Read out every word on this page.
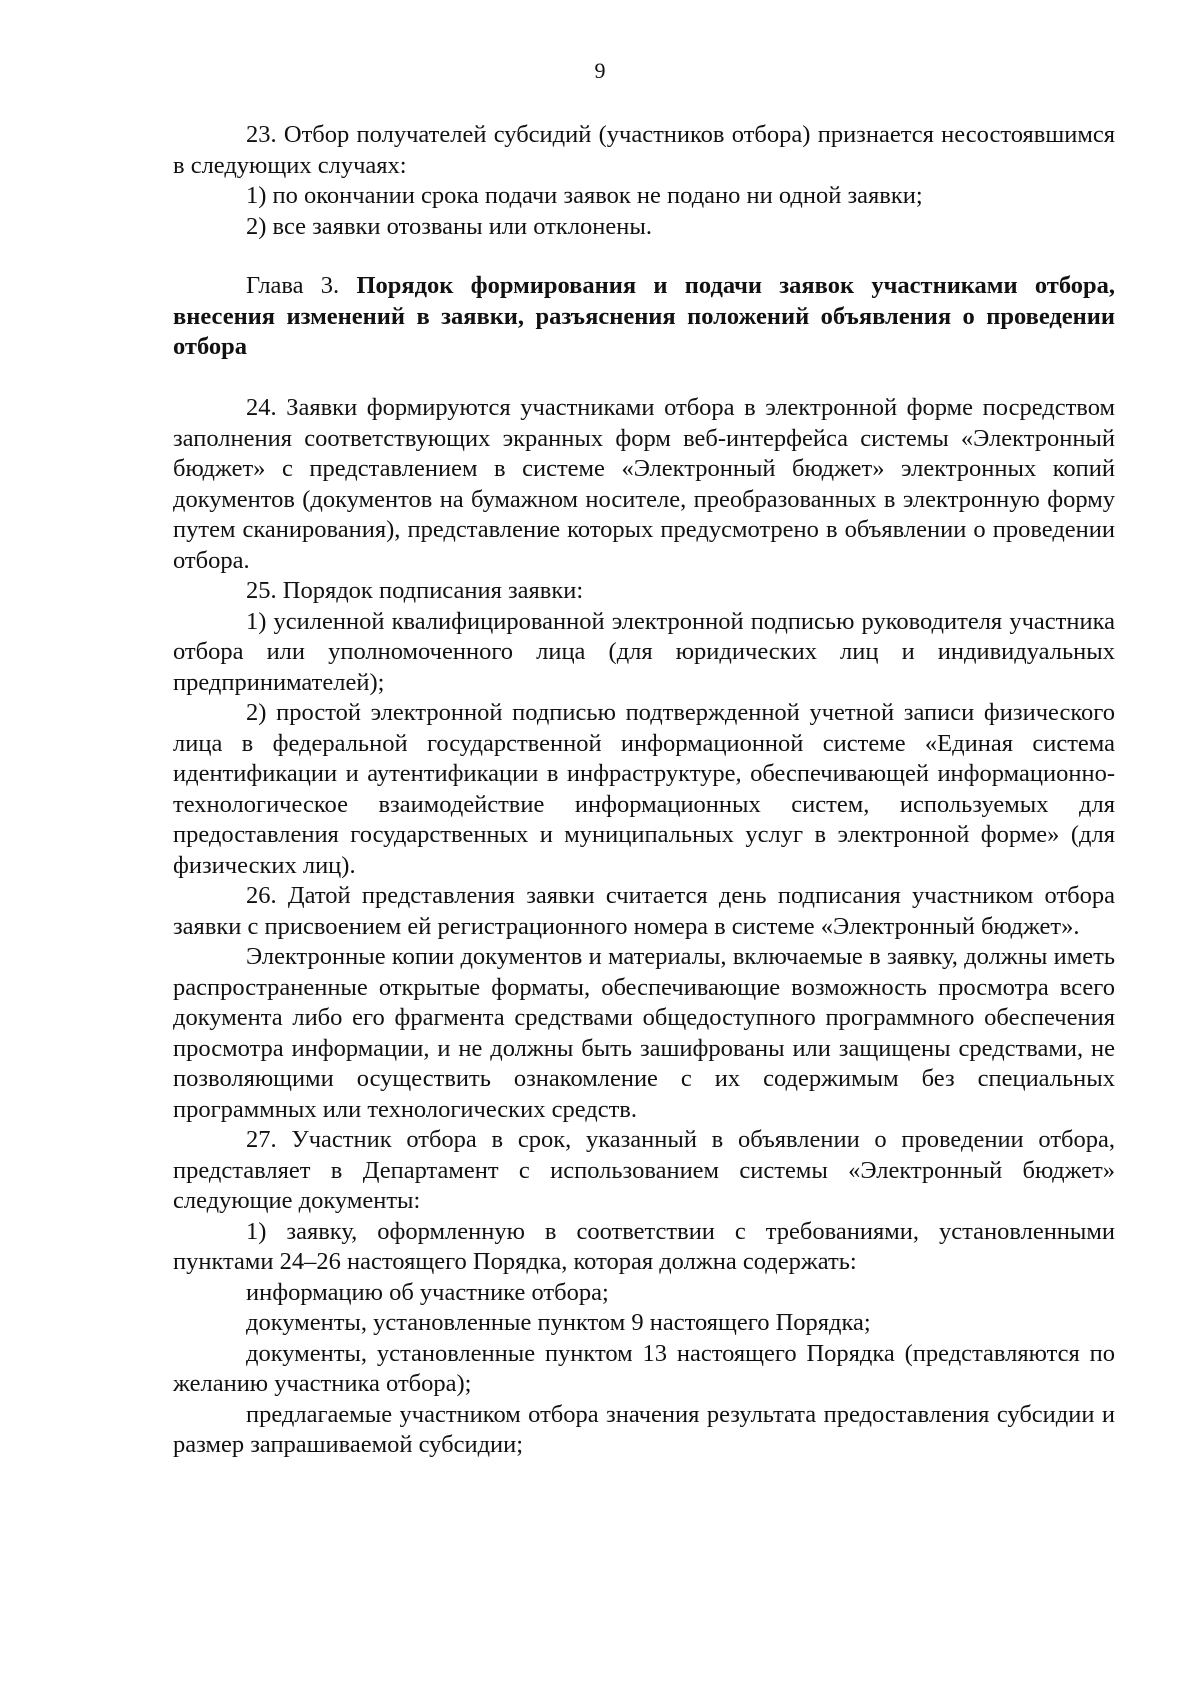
9

23. Отбор получателей субсидий (участников отбора) признается несостоявшимся в следующих случаях:

1) по окончании срока подачи заявок не подано ни одной заявки;

2) все заявки отозваны или отклонены.

Глава 3. Порядок формирования и подачи заявок участниками отбора, внесения изменений в заявки, разъяснения положений объявления о проведении отбора

24. Заявки формируются участниками отбора в электронной форме посредством заполнения соответствующих экранных форм веб-интерфейса системы «Электронный бюджет» с представлением в системе «Электронный бюджет» электронных копий документов (документов на бумажном носителе, преобразованных в электронную форму путем сканирования), представление которых предусмотрено в объявлении о проведении отбора.

25. Порядок подписания заявки:

1) усиленной квалифицированной электронной подписью руководителя участника отбора или уполномоченного лица (для юридических лиц и индивидуальных предпринимателей);

2) простой электронной подписью подтвержденной учетной записи физического лица в федеральной государственной информационной системе «Единая система идентификации и аутентификации в инфраструктуре, обеспечивающей информационно-технологическое взаимодействие информационных систем, используемых для предоставления государственных и муниципальных услуг в электронной форме» (для физических лиц).

26. Датой представления заявки считается день подписания участником отбора заявки с присвоением ей регистрационного номера в системе «Электронный бюджет».

Электронные копии документов и материалы, включаемые в заявку, должны иметь распространенные открытые форматы, обеспечивающие возможность просмотра всего документа либо его фрагмента средствами общедоступного программного обеспечения просмотра информации, и не должны быть зашифрованы или защищены средствами, не позволяющими осуществить ознакомление с их содержимым без специальных программных или технологических средств.

27. Участник отбора в срок, указанный в объявлении о проведении отбора, представляет в Департамент с использованием системы «Электронный бюджет» следующие документы:

1) заявку, оформленную в соответствии с требованиями, установленными пунктами 24–26 настоящего Порядка, которая должна содержать:

информацию об участнике отбора;

документы, установленные пунктом 9 настоящего Порядка;

документы, установленные пунктом 13 настоящего Порядка (представляются по желанию участника отбора);

предлагаемые участником отбора значения результата предоставления субсидии и размер запрашиваемой субсидии;
